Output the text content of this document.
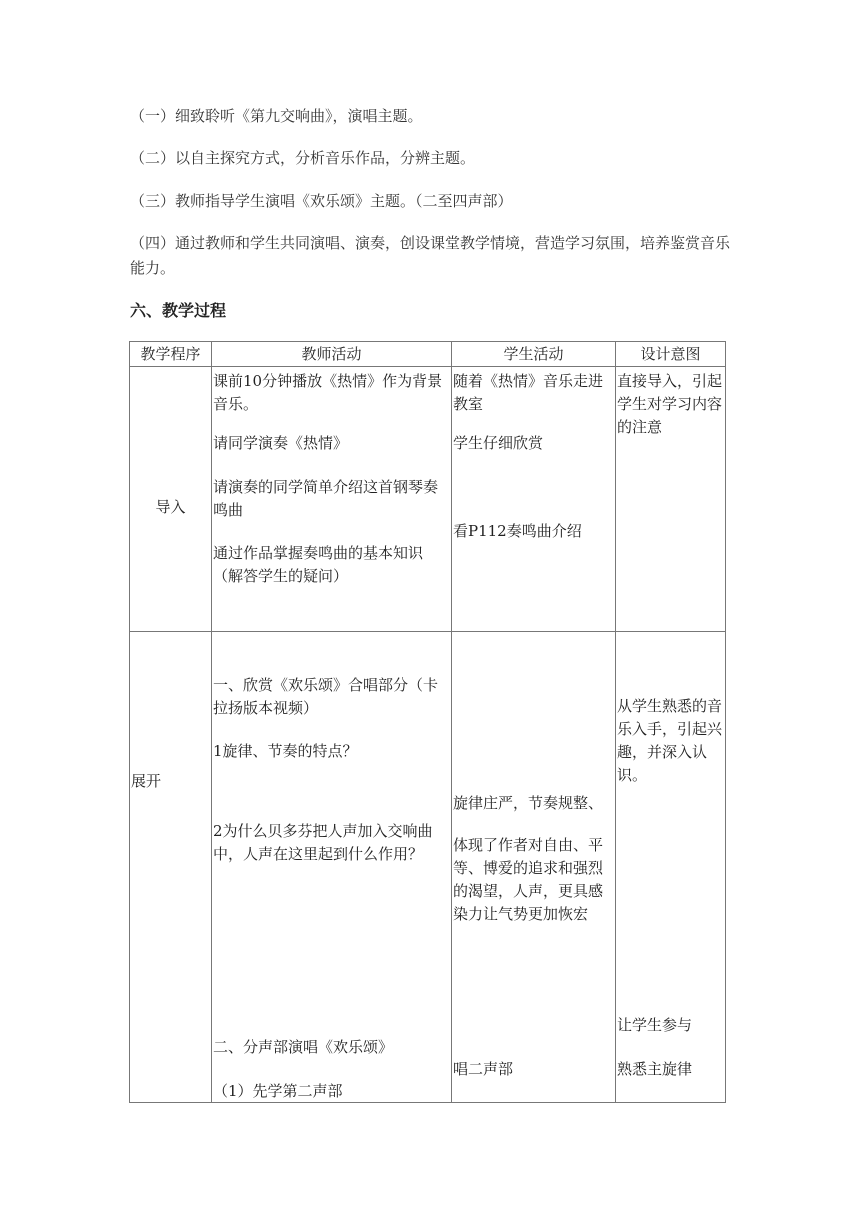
（一）细致聆听《第九交响曲》，演唱主题。
（二）以自主探究方式，分析音乐作品，分辨主题。
（三）教师指导学生演唱《欢乐颂》主题。（二至四声部）
（四）通过教师和学生共同演唱、演奏，创设课堂教学情境，营造学习氛围，培养鉴赏音乐能力。
六、教学过程
教学程序	教师活动	学生活动	设计意图

导入	课前10分钟播放《热情》作为背景音乐。
请同学演奏《热情》
请演奏的同学简单介绍这首钢琴奏鸣曲
通过作品掌握奏鸣曲的基本知识（解答学生的疑问）	随着《热情》音乐走进教室
学生仔细欣赏
看P112奏鸣曲介绍	直接导入，引起学生对学习内容的注意

展开	一、欣赏《欢乐颂》合唱部分（卡拉扬版本视频）
1旋律、节奏的特点？
2为什么贝多芬把人声加入交响曲中，人声在这里起到什么作用？
二、分声部演唱《欢乐颂》
（1）先学第二声部	旋律庄严，节奏规整、
体现了作者对自由、平等、博爱的追求和强烈的渴望，人声，更具感染力让气势更加恢宏
唱二声部	从学生熟悉的音乐入手，引起兴趣，并深入认识。
让学生参与
熟悉主旋律
